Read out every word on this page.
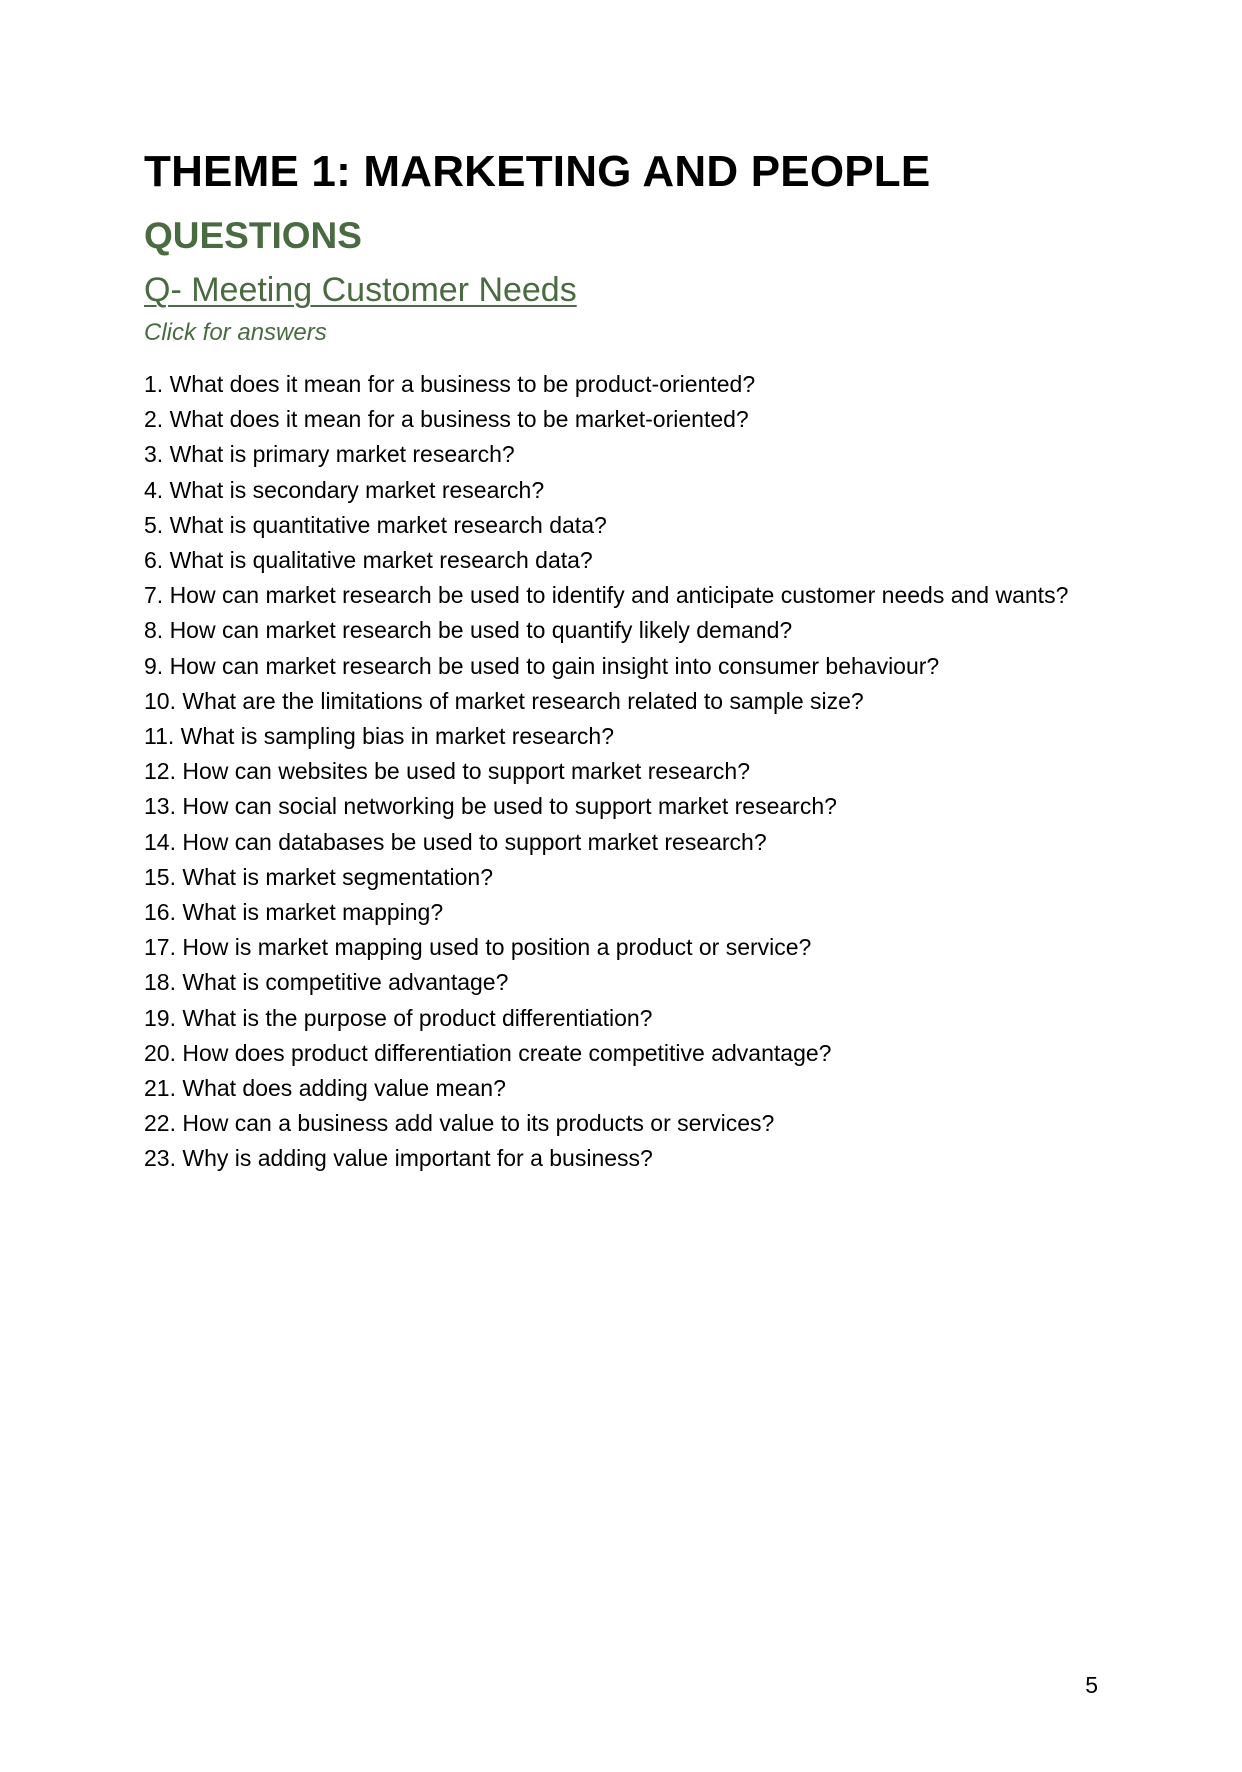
THEME 1: MARKETING AND PEOPLE
QUESTIONS
Q- Meeting Customer Needs
Click for answers
1. What does it mean for a business to be product-oriented?
2. What does it mean for a business to be market-oriented?
3. What is primary market research?
4. What is secondary market research?
5. What is quantitative market research data?
6. What is qualitative market research data?
7. How can market research be used to identify and anticipate customer needs and wants?
8. How can market research be used to quantify likely demand?
9. How can market research be used to gain insight into consumer behaviour?
10. What are the limitations of market research related to sample size?
11. What is sampling bias in market research?
12. How can websites be used to support market research?
13. How can social networking be used to support market research?
14. How can databases be used to support market research?
15. What is market segmentation?
16. What is market mapping?
17. How is market mapping used to position a product or service?
18. What is competitive advantage?
19. What is the purpose of product differentiation?
20. How does product differentiation create competitive advantage?
21. What does adding value mean?
22. How can a business add value to its products or services?
23. Why is adding value important for a business?
5
